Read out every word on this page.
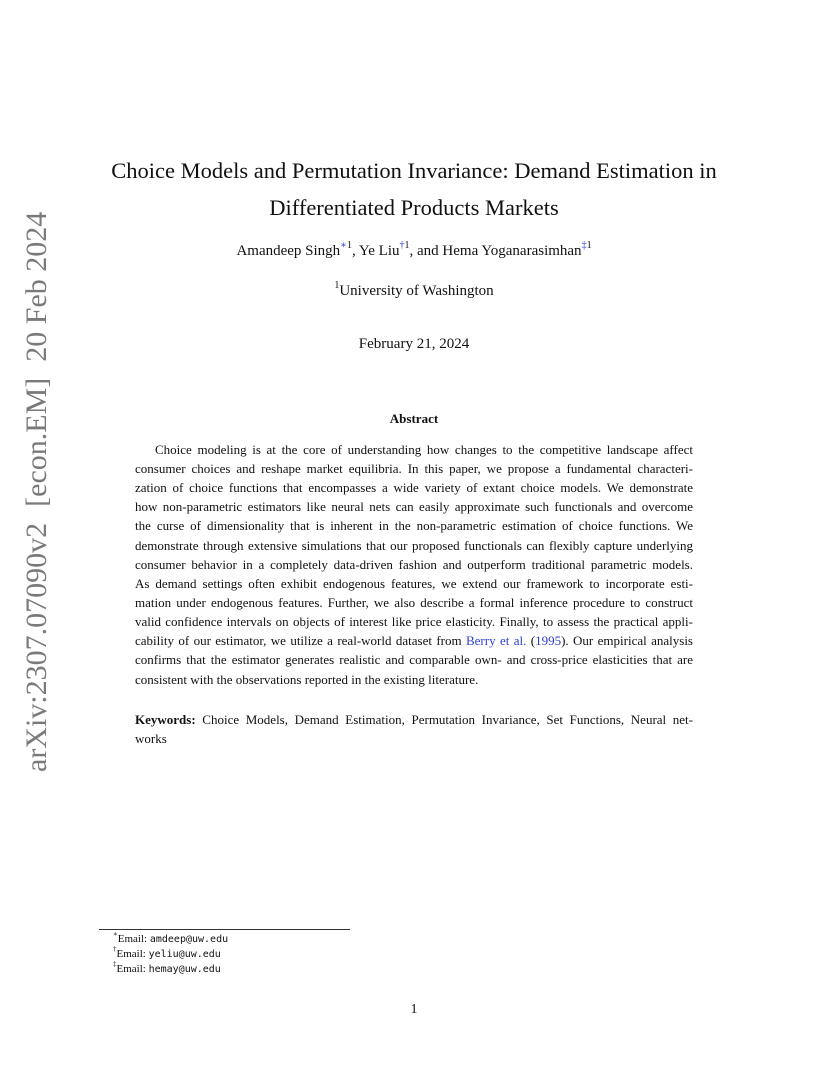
arXiv:2307.07090v2
[econ.EM]
20 Feb 2024
Choice Models and Permutation Invariance: Demand Estimation in
Differentiated Products Markets
Amandeep Singh$^{∗1}$, Ye Liu$^{\dagger 1}$, and Hema Yoganarasimhan$^{\ddagger 1}$
$^1$University of Washington
February 21, 2024
Abstract
Choice modeling is at the core of understanding how changes to the competitive landscape affect
consumer choices and reshape market equilibria. In this paper, we propose a fundamental characteri-
zation of choice functions that encompasses a wide variety of extant choice models. We demonstrate
how non-parametric estimators like neural nets can easily approximate such functionals and overcome
the curse of dimensionality that is inherent in the non-parametric estimation of choice functions. We
demonstrate through extensive simulations that our proposed functionals can flexibly capture underlying
consumer behavior in a completely data-driven fashion and outperform traditional parametric models.
As demand settings often exhibit endogenous features, we extend our framework to incorporate esti-
mation under endogenous features. Further, we also describe a formal inference procedure to construct
valid confidence intervals on objects of interest like price elasticity. Finally, to assess the practical appli-
cability of our estimator, we utilize a real-world dataset from Berry et al. (1995). Our empirical analysis
confirms that the estimator generates realistic and comparable own- and cross-price elasticities that are
consistent with the observations reported in the existing literature.
Keywords: Choice Models, Demand Estimation, Permutation Invariance, Set Functions, Neural net-
works
∗Email: amdeep@uw.edu
†Email: yeliu@uw.edu
‡Email: hemay@uw.edu
1
